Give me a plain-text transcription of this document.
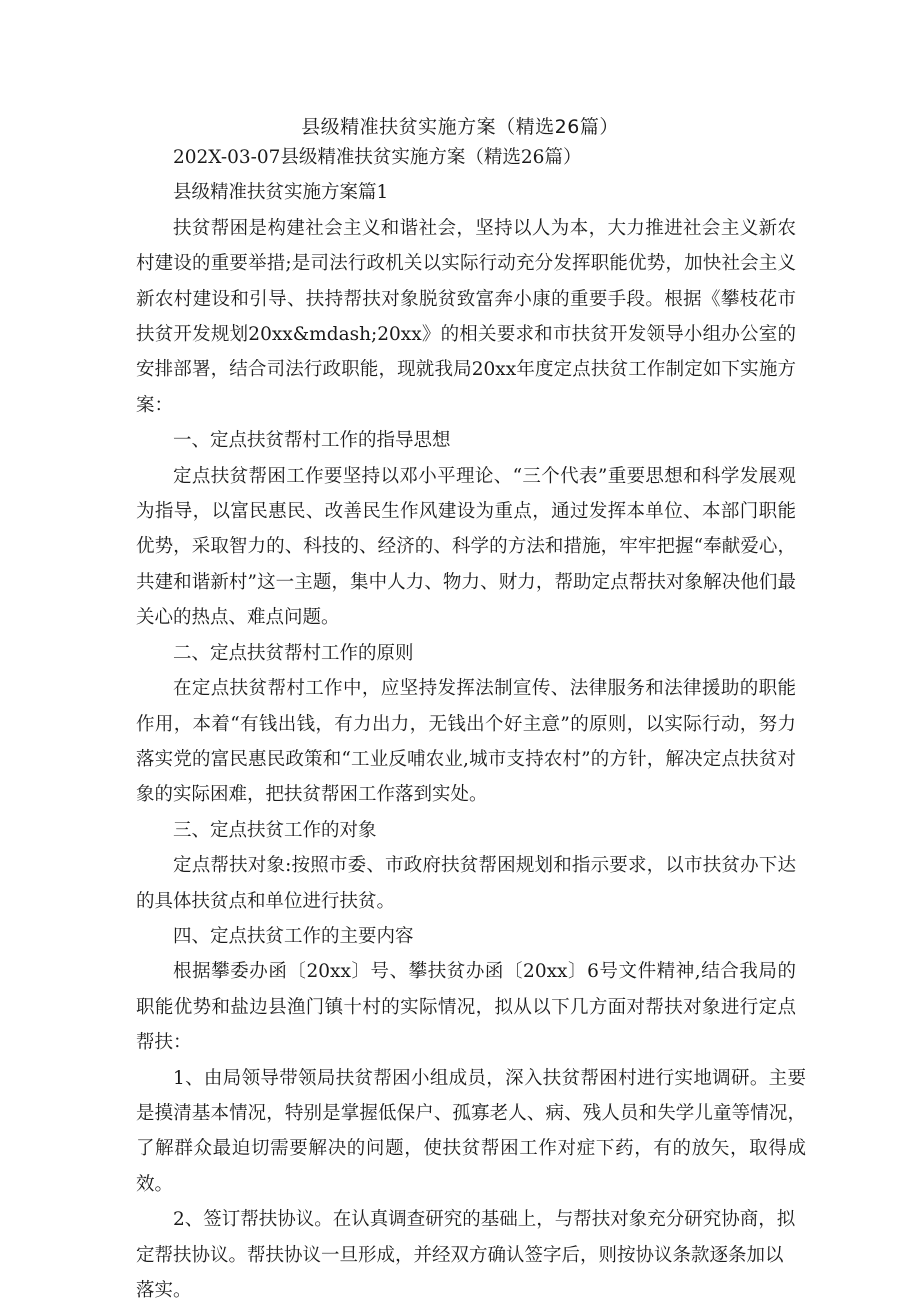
县级精准扶贫实施方案（精选26篇）

202X-03-07县级精准扶贫实施方案（精选26篇）

县级精准扶贫实施方案篇1

扶贫帮困是构建社会主义和谐社会，坚持以人为本，大力推进社会主义新农村建设的重要举措;是司法行政机关以实际行动充分发挥职能优势，加快社会主义新农村建设和引导、扶持帮扶对象脱贫致富奔小康的重要手段。根据《攀枝花市扶贫开发规划20xx&mdash;20xx》的相关要求和市扶贫开发领导小组办公室的安排部署，结合司法行政职能，现就我局20xx年度定点扶贫工作制定如下实施方案：

一、定点扶贫帮村工作的指导思想

定点扶贫帮困工作要坚持以邓小平理论、“三个代表”重要思想和科学发展观为指导，以富民惠民、改善民生作风建设为重点，通过发挥本单位、本部门职能优势，采取智力的、科技的、经济的、科学的方法和措施，牢牢把握“奉献爱心，共建和谐新村”这一主题，集中人力、物力、财力，帮助定点帮扶对象解决他们最关心的热点、难点问题。

二、定点扶贫帮村工作的原则

在定点扶贫帮村工作中，应坚持发挥法制宣传、法律服务和法律援助的职能作用，本着“有钱出钱，有力出力，无钱出个好主意”的原则，以实际行动，努力落实党的富民惠民政策和“工业反哺农业,城市支持农村”的方针，解决定点扶贫对象的实际困难，把扶贫帮困工作落到实处。

三、定点扶贫工作的对象

定点帮扶对象:按照市委、市政府扶贫帮困规划和指示要求，以市扶贫办下达的具体扶贫点和单位进行扶贫。

四、定点扶贫工作的主要内容

根据攀委办函〔20xx〕号、攀扶贫办函〔20xx〕6号文件精神,结合我局的职能优势和盐边县渔门镇十村的实际情况，拟从以下几方面对帮扶对象进行定点帮扶：

1、由局领导带领局扶贫帮困小组成员，深入扶贫帮困村进行实地调研。主要是摸清基本情况，特别是掌握低保户、孤寡老人、病、残人员和失学儿童等情况，了解群众最迫切需要解决的问题，使扶贫帮困工作对症下药，有的放矢，取得成效。

2、签订帮扶协议。在认真调查研究的基础上，与帮扶对象充分研究协商，拟定帮扶协议。帮扶协议一旦形成，并经双方确认签字后，则按协议条款逐条加以落实。
